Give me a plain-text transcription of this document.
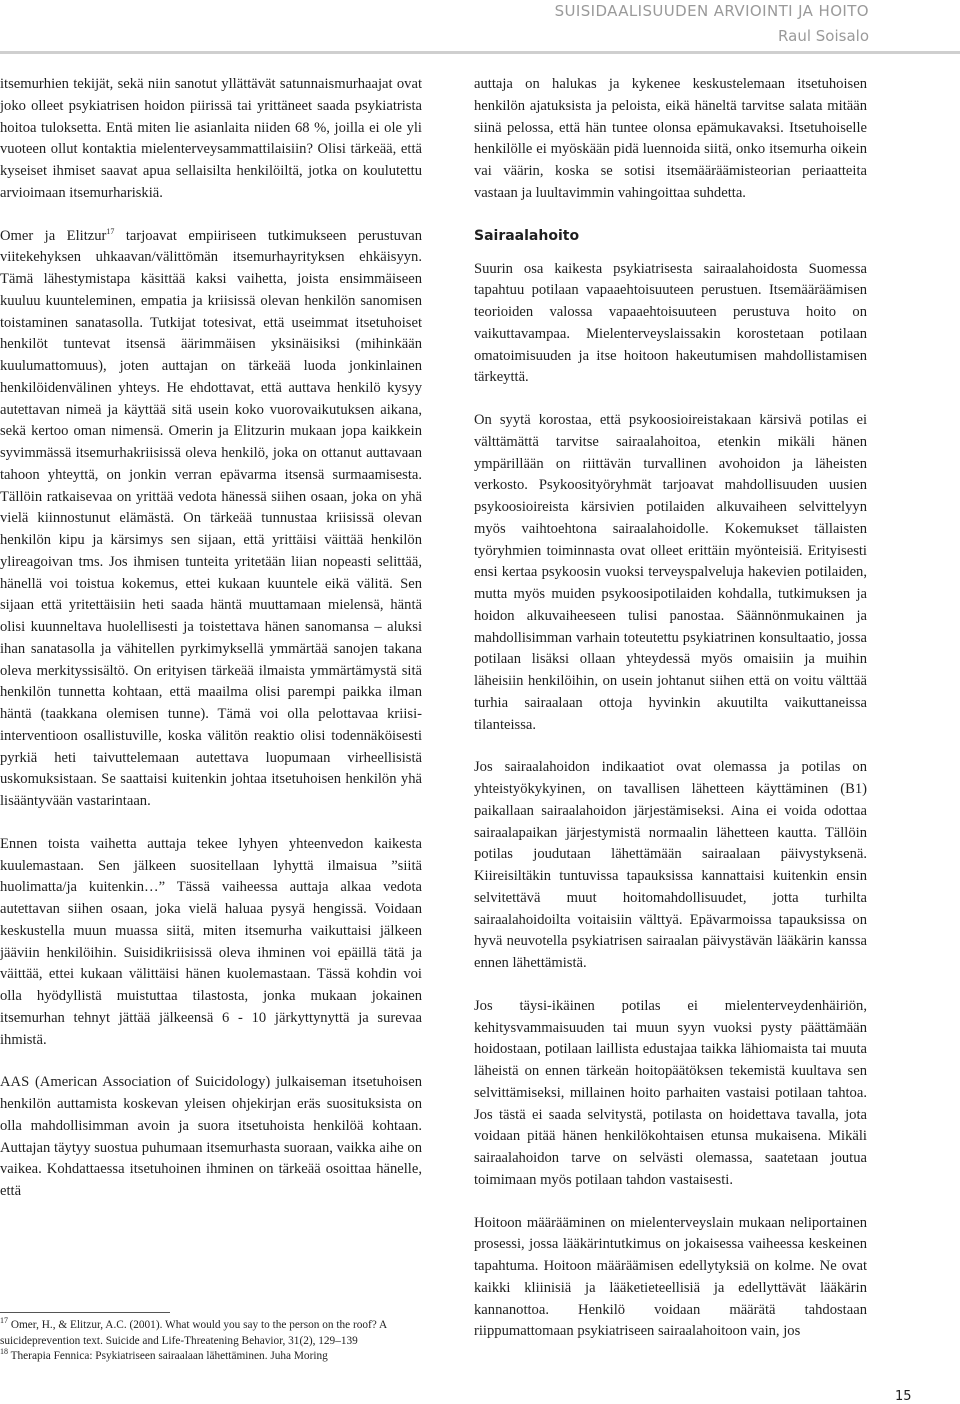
SUISIDAALISUUDEN ARVIOINTI JA HOITO
Raul Soisalo

itsemurhien tekijät, sekä niin sanotut yllättävät satunnaismurhaajat ovat joko olleet psykiatrisen hoidon piirissä tai yrittäneet saada psykiatrista hoitoa tuloksetta. Entä miten lie asianlaita niiden 68 %, joilla ei ole yli vuoteen ollut kontaktia mielenterveysammattilaisiin? Olisi tärkeää, että kyseiset ihmiset saavat apua sellaisilta henkilöiltä, jotka on koulutettu arvioimaan itsemurhariskiä.

Omer ja Elitzur$^{17}$ tarjoavat empiiriseen tutkimukseen perustuvan viitekehyksen uhkaavan/välittömän itsemurhayrityksen ehkäisyyn. Tämä lähestymistapa käsittää kaksi vaihetta, joista ensimmäiseen kuuluu kuunteleminen, empatia ja kriisissä olevan henkilön sanomisen toistaminen sanatasolla. Tutkijat totesivat, että useimmat itsetuhoiset henkilöt tuntevat itsensä äärimmäisen yksinäisiksi (mihinkään kuulumattomuus), joten auttajan on tärkeää luoda jonkinlainen henkilöidenvälinen yhteys. He ehdottavat, että auttava henkilö kysyy autettavan nimeä ja käyttää sitä usein koko vuorovaikutuksen aikana, sekä kertoo oman nimensä. Omerin ja Elitzurin mukaan jopa kaikkein syvimmässä itsemurhakriisissä oleva henkilö, joka on ottanut auttavaan tahoon yhteyttä, on jonkin verran epävarma itsensä surmaamisesta. Tällöin ratkaisevaa on yrittää vedota hänessä siihen osaan, joka on yhä vielä kiinnostunut elämästä. On tärkeää tunnustaa kriisissä olevan henkilön kipu ja kärsimys sen sijaan, että yrittäisi väittää henkilön ylireagoivan tms. Jos ihmisen tunteita yritetään liian nopeasti selittää, hänellä voi toistua kokemus, ettei kukaan kuuntele eikä välitä. Sen sijaan että yritettäisiin heti saada häntä muuttamaan mielensä, häntä olisi kuunneltava huolellisesti ja toistettava hänen sanomansa – aluksi ihan sanatasolla ja vähitellen pyrkimyksellä ymmärtää sanojen takana oleva merkityssisältö. On erityisen tärkeää ilmaista ymmärtämystä sitä henkilön tunnetta kohtaan, että maailma olisi parempi paikka ilman häntä (taakkana olemisen tunne). Tämä voi olla pelottavaa kriisi-interventioon osallistuville, koska välitön reaktio olisi todennäköisesti pyrkiä heti taivuttelemaan autettava luopumaan virheellisistä uskomuksistaan. Se saattaisi kuitenkin johtaa itsetuhoisen henkilön yhä lisääntyvään vastarintaan.

Ennen toista vaihetta auttaja tekee lyhyen yhteenvedon kaikesta kuulemastaan. Sen jälkeen suositellaan lyhyttä ilmaisua ”siitä huolimatta/ja kuitenkin…” Tässä vaiheessa auttaja alkaa vedota autettavan siihen osaan, joka vielä haluaa pysyä hengissä. Voidaan keskustella muun muassa siitä, miten itsemurha vaikuttaisi jälkeen jääviin henkilöihin. Suisidikriisissä oleva ihminen voi epäillä tätä ja väittää, ettei kukaan välittäisi hänen kuolemastaan. Tässä kohdin voi olla hyödyllistä muistuttaa tilastosta, jonka mukaan jokainen itsemurhan tehnyt jättää jälkeensä 6 - 10 järkyttynyttä ja surevaa ihmistä.

AAS (American Association of Suicidology) julkaiseman itsetuhoisen henkilön auttamista koskevan yleisen ohjekirjan eräs suosituksista on olla mahdollisimman avoin ja suora itsetuhoista henkilöä kohtaan. Auttajan täytyy suostua puhumaan itsemurhasta suoraan, vaikka aihe on vaikea. Kohdattaessa itsetuhoinen ihminen on tärkeää osoittaa hänelle, että

$^{17}$ Omer, H., & Elitzur, A.C. (2001). What would you say to the person on the roof? A suicideprevention text. Suicide and Life-Threatening Behavior, 31(2), 129–139

$^{18}$ Therapia Fennica: Psykiatriseen sairaalaan lähettäminen. Juha Moring

auttaja on halukas ja kykenee keskustelemaan itsetuhoisen henkilön ajatuksista ja peloista, eikä häneltä tarvitse salata mitään siinä pelossa, että hän tuntee olonsa epämukavaksi. Itsetuhoiselle henkilölle ei myöskään pidä luennoida siitä, onko itsemurha oikein vai väärin, koska se sotisi itsemääräämisteorian periaatteita vastaan ja luultavimmin vahingoittaa suhdetta.

Sairaalahoito

Suurin osa kaikesta psykiatrisesta sairaalahoidosta Suomessa tapahtuu potilaan vapaaehtoisuuteen perustuen. Itsemääräämisen teorioiden valossa vapaaehtoisuuteen perustuva hoito on vaikuttavampaa. Mielenterveyslaissakin korostetaan potilaan omatoimisuuden ja itse hoitoon hakeutumisen mahdollistamisen tärkeyttä.

On syytä korostaa, että psykoosioireistakaan kärsivä potilas ei välttämättä tarvitse sairaalahoitoa, etenkin mikäli hänen ympärillään on riittävän turvallinen avohoidon ja läheisten verkosto. Psykoosityöryhmät tarjoavat mahdollisuuden uusien psykoosioireista kärsivien potilaiden alkuvaiheen selvittelyyn myös vaihtoehtona sairaalahoidolle. Kokemukset tällaisten työryhmien toiminnasta ovat olleet erittäin myönteisiä. Erityisesti ensi kertaa psykoosin vuoksi terveyspalveluja hakevien potilaiden, mutta myös muiden psykoosipotilaiden kohdalla, tutkimuksen ja hoidon alkuvaiheeseen tulisi panostaa. Säännönmukainen ja mahdollisimman varhain toteutettu psykiatrinen konsultaatio, jossa potilaan lisäksi ollaan yhteydessä myös omaisiin ja muihin läheisiin henkilöihin, on usein johtanut siihen että on voitu välttää turhia sairaalaan ottoja hyvinkin akuutilta vaikuttaneissa tilanteissa.

Jos sairaalahoidon indikaatiot ovat olemassa ja potilas on yhteistyökykyinen, on tavallisen lähetteen käyttäminen (B1) paikallaan sairaalahoidon järjestämiseksi. Aina ei voida odottaa sairaalapaikan järjestymistä normaalin lähetteen kautta. Tällöin potilas joudutaan lähettämään sairaalaan päivystyksenä. Kiireisiltäkin tuntuvissa tapauksissa kannattaisi kuitenkin ensin selvitettävä muut hoitomahdollisuudet, jotta turhilta sairaalahoidoilta voitaisiin välttyä. Epävarmoissa tapauksissa on hyvä neuvotella psykiatrisen sairaalan päivystävän lääkärin kanssa ennen lähettämistä.

Jos täysi-ikäinen potilas ei mielenterveydenhäiriön, kehitysvammaisuuden tai muun syyn vuoksi pysty päättämään hoidostaan, potilaan laillista edustajaa taikka lähiomaista tai muuta läheistä on ennen tärkeän hoitopäätöksen tekemistä kuultava sen selvittämiseksi, millainen hoito parhaiten vastaisi potilaan tahtoa. Jos tästä ei saada selvitystä, potilasta on hoidettava tavalla, jota voidaan pitää hänen henkilökohtaisen etunsa mukaisena. Mikäli sairaalahoidon tarve on selvästi olemassa, saatetaan joutua toimimaan myös potilaan tahdon vastaisesti.

Hoitoon määrääminen on mielenterveyslain mukaan neliportainen prosessi, jossa lääkärintutkimus on jokaisessa vaiheessa keskeinen tapahtuma. Hoitoon määräämisen edellytyksiä on kolme. Ne ovat kaikki kliinisiä ja lääketieteellisiä ja edellyttävät lääkärin kannanottoa. Henkilö voidaan määrätä tahdostaan riippumattomaan psykiatriseen sairaalahoitoon vain, jos

15
